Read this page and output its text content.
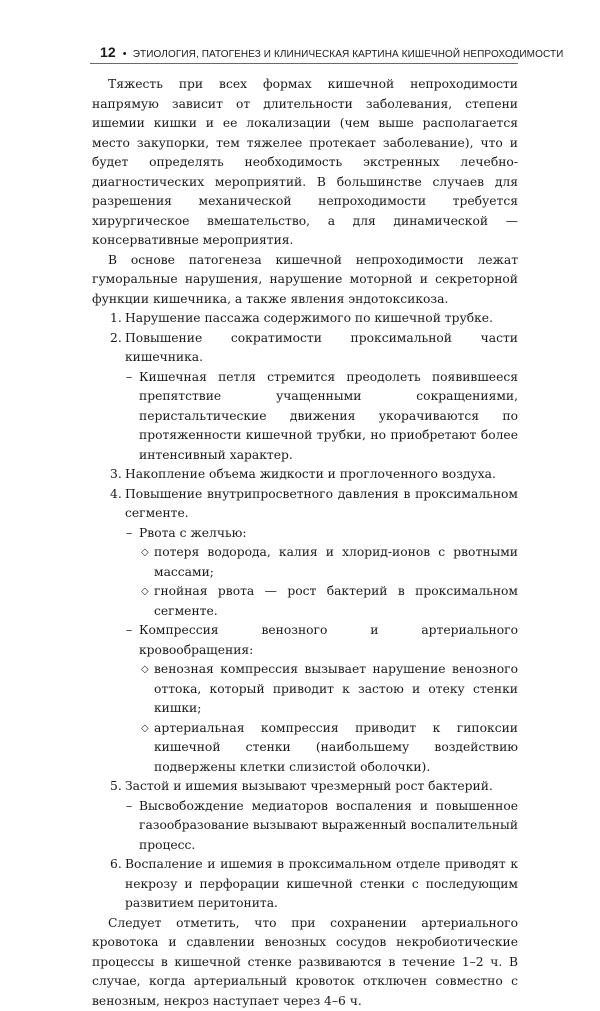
12 • ЭТИОЛОГИЯ, ПАТОГЕНЕЗ И КЛИНИЧЕСКАЯ КАРТИНА КИШЕЧНОЙ НЕПРОХОДИМОСТИ

Тяжесть при всех формах кишечной непроходимости напрямую зависит от длительности заболевания, степени ишемии кишки и ее локализации (чем выше располагается место закупорки, тем тяжелее протекает заболевание), что и будет определять необходимость экстренных лечебно-диагностических мероприятий. В большинстве случаев для разрешения механической непроходимости требуется хирургическое вмешательство, а для динамической — консервативные мероприятия.

В основе патогенеза кишечной непроходимости лежат гуморальные нарушения, нарушение моторной и секреторной функции кишечника, а также явления эндотоксикоза.

1. Нарушение пассажа содержимого по кишечной трубке.
2. Повышение сократимости проксимальной части кишечника.
– Кишечная петля стремится преодолеть появившееся препятствие учащенными сокращениями, перистальтические движения укорачиваются по протяженности кишечной трубки, но приобретают более интенсивный характер.
3. Накопление объема жидкости и проглоченного воздуха.
4. Повышение внутрипросветного давления в проксимальном сегменте.
– Рвота с желчью:
◇ потеря водорода, калия и хлорид-ионов с рвотными массами;
◇ гнойная рвота — рост бактерий в проксимальном сегменте.
– Компрессия венозного и артериального кровообращения:
◇ венозная компрессия вызывает нарушение венозного оттока, который приводит к застою и отеку стенки кишки;
◇ артериальная компрессия приводит к гипоксии кишечной стенки (наибольшему воздействию подвержены клетки слизистой оболочки).
5. Застой и ишемия вызывают чрезмерный рост бактерий.
– Высвобождение медиаторов воспаления и повышенное газообразование вызывают выраженный воспалительный процесс.
6. Воспаление и ишемия в проксимальном отделе приводят к некрозу и перфорации кишечной стенки с последующим развитием перитонита.

Следует отметить, что при сохранении артериального кровотока и сдавлении венозных сосудов некробиотические процессы в кишечной стенке развиваются в течение 1–2 ч. В случае, когда артериальный кровоток отключен совместно с венозным, некроз наступает через 4–6 ч.
